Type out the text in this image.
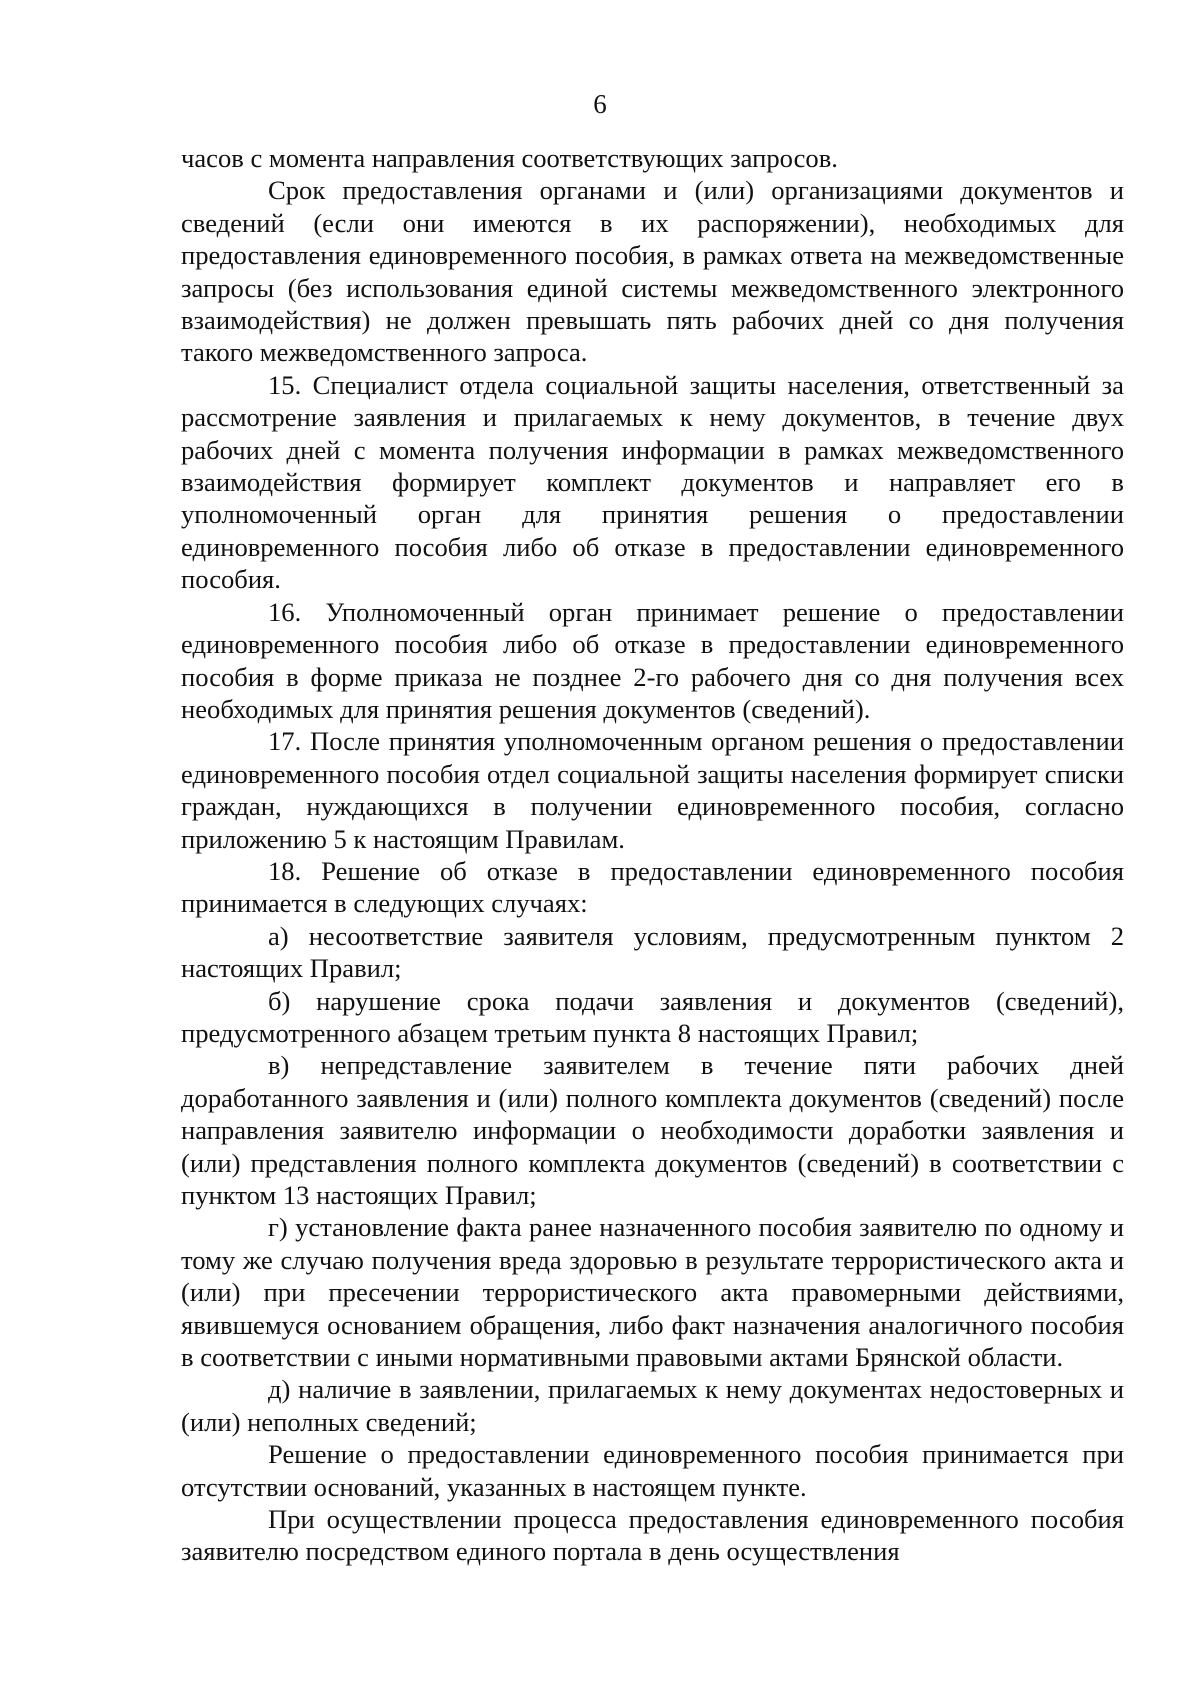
6

часов с момента направления соответствующих запросов.

Срок предоставления органами и (или) организациями документов и сведений (если они имеются в их распоряжении), необходимых для предоставления единовременного пособия, в рамках ответа на межведомственные запросы (без использования единой системы межведомственного электронного взаимодействия) не должен превышать пять рабочих дней со дня получения такого межведомственного запроса.

15. Специалист отдела социальной защиты населения, ответственный за рассмотрение заявления и прилагаемых к нему документов, в течение двух рабочих дней с момента получения информации в рамках межведомственного взаимодействия формирует комплект документов и направляет его в уполномоченный орган для принятия решения о предоставлении единовременного пособия либо об отказе в предоставлении единовременного пособия.

16. Уполномоченный орган принимает решение о предоставлении единовременного пособия либо об отказе в предоставлении единовременного пособия в форме приказа не позднее 2-го рабочего дня со дня получения всех необходимых для принятия решения документов (сведений).

17. После принятия уполномоченным органом решения о предоставлении единовременного пособия отдел социальной защиты населения формирует списки граждан, нуждающихся в получении единовременного пособия, согласно приложению 5 к настоящим Правилам.

18. Решение об отказе в предоставлении единовременного пособия принимается в следующих случаях:

а) несоответствие заявителя условиям, предусмотренным пунктом 2 настоящих Правил;

б) нарушение срока подачи заявления и документов (сведений), предусмотренного абзацем третьим пункта 8 настоящих Правил;

в) непредставление заявителем в течение пяти рабочих дней доработанного заявления и (или) полного комплекта документов (сведений) после направления заявителю информации о необходимости доработки заявления и (или) представления полного комплекта документов (сведений) в соответствии с пунктом 13 настоящих Правил;

г) установление факта ранее назначенного пособия заявителю по одному и тому же случаю получения вреда здоровью в результате террористического акта и (или) при пресечении террористического акта правомерными действиями, явившемуся основанием обращения, либо факт назначения аналогичного пособия в соответствии с иными нормативными правовыми актами Брянской области.

д) наличие в заявлении, прилагаемых к нему документах недостоверных и (или) неполных сведений;

Решение о предоставлении единовременного пособия принимается при отсутствии оснований, указанных в настоящем пункте.

При осуществлении процесса предоставления единовременного пособия заявителю посредством единого портала в день осуществления
